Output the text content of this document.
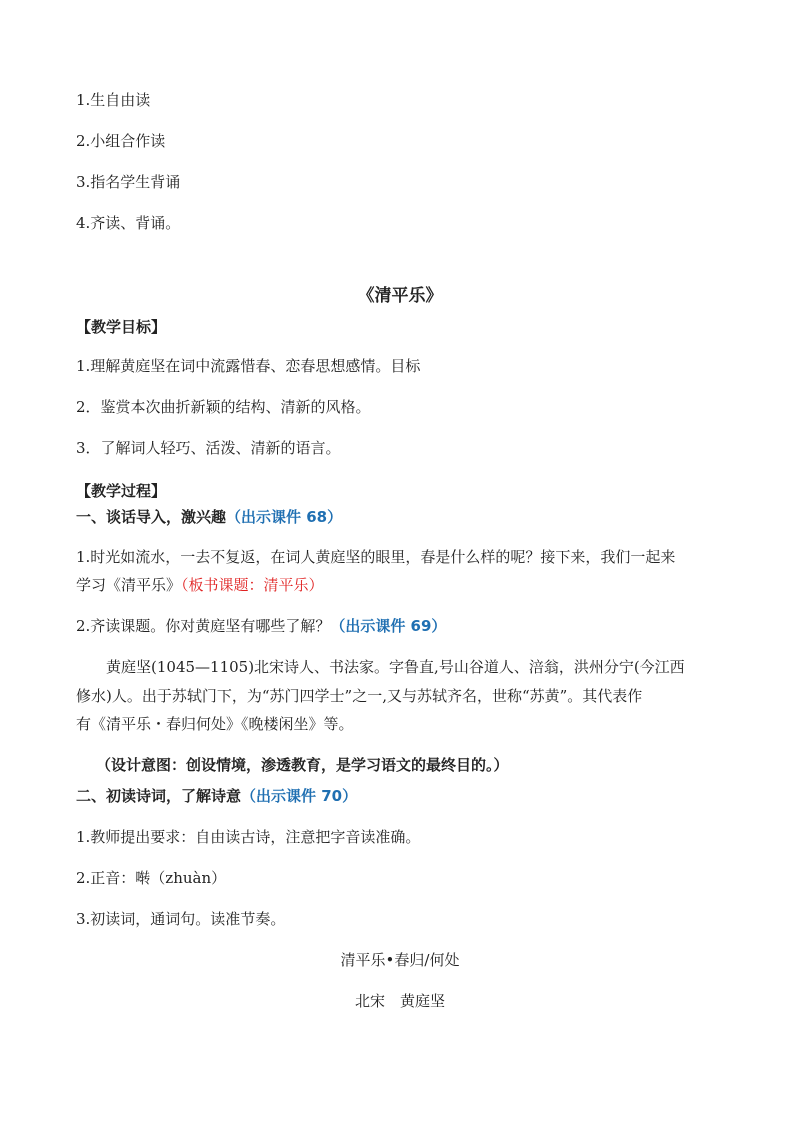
1.生自由读
2.小组合作读
3.指名学生背诵
4.齐读、背诵。
《清平乐》
【教学目标】
1.理解黄庭坚在词中流露惜春、恋春思想感情。目标
2．鉴赏本次曲折新颖的结构、清新的风格。
3．了解词人轻巧、活泼、清新的语言。
【教学过程】
一、谈话导入，激兴趣（出示课件 68）
1.时光如流水，一去不复返，在词人黄庭坚的眼里，春是什么样的呢？接下来，我们一起来
学习《清平乐》（板书课题：清平乐）
2.齐读课题。你对黄庭坚有哪些了解？（出示课件 69）
黄庭坚(1045—1105)北宋诗人、书法家。字鲁直,号山谷道人、涪翁，洪州分宁(今江西
修水)人。出于苏轼门下，为“苏门四学士”之一,又与苏轼齐名，世称“苏黄”。其代表作
有《清平乐・春归何处》《晚楼闲坐》等。
（设计意图：创设情境，渗透教育，是学习语文的最终目的。）
二、初读诗词，了解诗意（出示课件 70）
1.教师提出要求：自由读古诗，注意把字音读准确。
2.正音：啭（zhuàn）
3.初读词，通词句。读准节奏。
清平乐•春归/何处
北宋　黄庭坚
